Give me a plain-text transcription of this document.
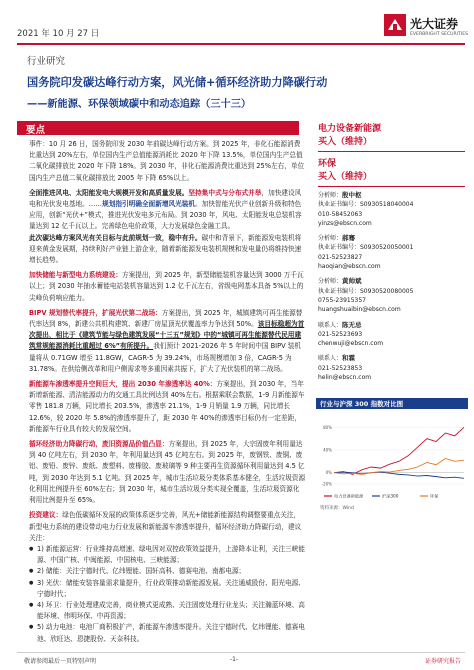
2021 年 10 月 27 日
光大证券
EVERBRIGHT SECURITIES
行业研究
国务院印发碳达峰行动方案，风光储+循环经济助力降碳行动
——新能源、环保领域碳中和动态追踪（三十三）
要点

事件：10 月 26 日，国务院印发 2030 年前碳达峰行动方案。到 2025 年，非化石能源消费比重达到 20%左右，单位国内生产总值能源消耗比 2020 年下降 13.5%，单位国内生产总值二氧化碳排放比 2020 年下降 18%。到 2030 年，非化石能源消费比重达到 25%左右，单位国内生产总值二氧化碳排放比 2005 年下降 65%以上。

全面推进风电、太阳能发电大规模开发和高质量发展。坚持集中式与分布式并举，加快建设风电和光伏发电基地。……规划指引明确全面新增风光装机。加快智能光伏产业创新升级和特色应用，创新“光伏+”模式，推进光伏发电多元布局。到 2030 年，风电、太阳能发电总装机容量达到 12 亿千瓦以上。完善绿色电价政策，大力发展绿色金融工具。

此次碳达峰方案风光有关目标与此前规划一致，稳中有升。碳中和背景下，新能源发电装机将迎来黄金发展期，持续利好产业链上游企业，随着新能源发电装机规模和发电量仍将维持快速增长趋势。

加快储能与新型电力系统建设：方案提出，到 2025 年，新型储能装机容量达到 3000 万千瓦以上；到 2030 年抽水蓄能电站装机容量达到 1.2 亿千瓦左右，省级电网基本具备 5%以上的尖峰负荷响应能力。

BIPV 规划替代率提升，扩展光伏第二战场：方案提出，到 2025 年，城镇建筑可再生能源替代率达到 8%，新建公共机构建筑、新建厂房屋顶光伏覆盖率力争达到 50%。该目标稳超为首次提出，相比于《建筑节能与绿色建筑发展“十三五”规划》中的“城镇可再生能源替代民用建筑常规能源消耗比重超过 6%”有所提升。我们预计 2021-2026 年 5 年时间中国 BIPV 装机量将从 0.71GW 增至 11.8GW，CAGR-5 为 39.24%，市场规模增加 3 倍，CAGR-5 为 31.78%。在供给侧改革和用户侧需求等多重因素共振下，扩大了光伏装机的第二战场。

新能源车渗透率提升空间巨大，提出 2030 年渗透率达 40%：方案提出，到 2030 年，当年新增新能源、清洁能源动力的交通工具比例达到 40%左右。根据乘联会数据，1-9 月新能源车零售 181.8 万辆，同比增长 203.5%，渗透率 21.1%，1-9 月销量 1.9 万辆，同比增长 12.6%，较 2020 年 5.8%的渗透率提升了，距 2030 年 40%的渗透率目标仍有一定差距，新能源车行业具有较大的发展空间。

循环经济助力降碳行动，废旧资源品价值凸显：方案提出，到 2025 年，大宗固废年利用量达到 40 亿吨左右，到 2030 年，年利用量达到 45 亿吨左右。到 2025 年，废钢铁、废铜、废铝、废铅、废锌、废纸、废塑料、废橡胶、废玻璃等 9 种主要再生资源循环利用量达到 4.5 亿吨，到 2030 年达到 5.1 亿吨。到 2025 年，城市生活垃圾分类体系基本健全，生活垃圾资源化利用比例提升至 60%左右；到 2030 年，城市生活垃圾分类实现全覆盖，生活垃圾资源化利用比例提升至 65%。

投资建议：绿色低碳循环发展的政策体系逐步完善，风光+储能新能源结构调整要重点关注，新型电力系统的建设带动电力行业发展和新能源车渗透率提升，循环经济助力降碳行动，建议关注：

● 1) 新能源运营：行业维持高增速、绿电因对双控政策效益提升，上游降本让利，关注三峡能源、中国广核、中闽能源、中国核电、三峡能源；
● 2) 储能：关注宁德时代、亿纬锂能、国轩高科、德赛电池、南都电源；
● 3) 光伏：储能安装容量需求量提升，行业政策推动新能源发展。关注通威股份、阳光电源、宁德时代；
● 4) 环卫：行业处理建成完善，商业模式更成熟、关注固废处理行业龙头；关注瀚蓝环境、高能环境、伟明环保、中再资源；
● 5) 动力电池：电池厂商积极扩产，新能源车渗透率提升。关注宁德时代、亿纬锂能、德赛电池、欣旺达、恩捷股份、天奈科技。
电力设备新能源
买入（维持）
环保
买入（维持）
分析师：殷中枢
执业证书编号：S0930518040004
010-58452063
yinzs@ebscn.com
分析师：郝骞
执业证书编号：S0930520050001
021-52523827
haoqian@ebscn.com
分析师：黄帅斌
执业证书编号：S0930520080005
0755-23915357
huangshuaibin@ebscn.com
联系人：陈无忌
021-52523693
chenwuji@ebscn.com
联系人：和霖
021-52523853
helin@ebscn.com
行业与沪深 300 指数对比图
80%
40%
0%
-20%
电力设备新能源	沪深300	环保
资料来源：Wind
敬请参阅最后一页特别声明	-1-	证券研究报告
